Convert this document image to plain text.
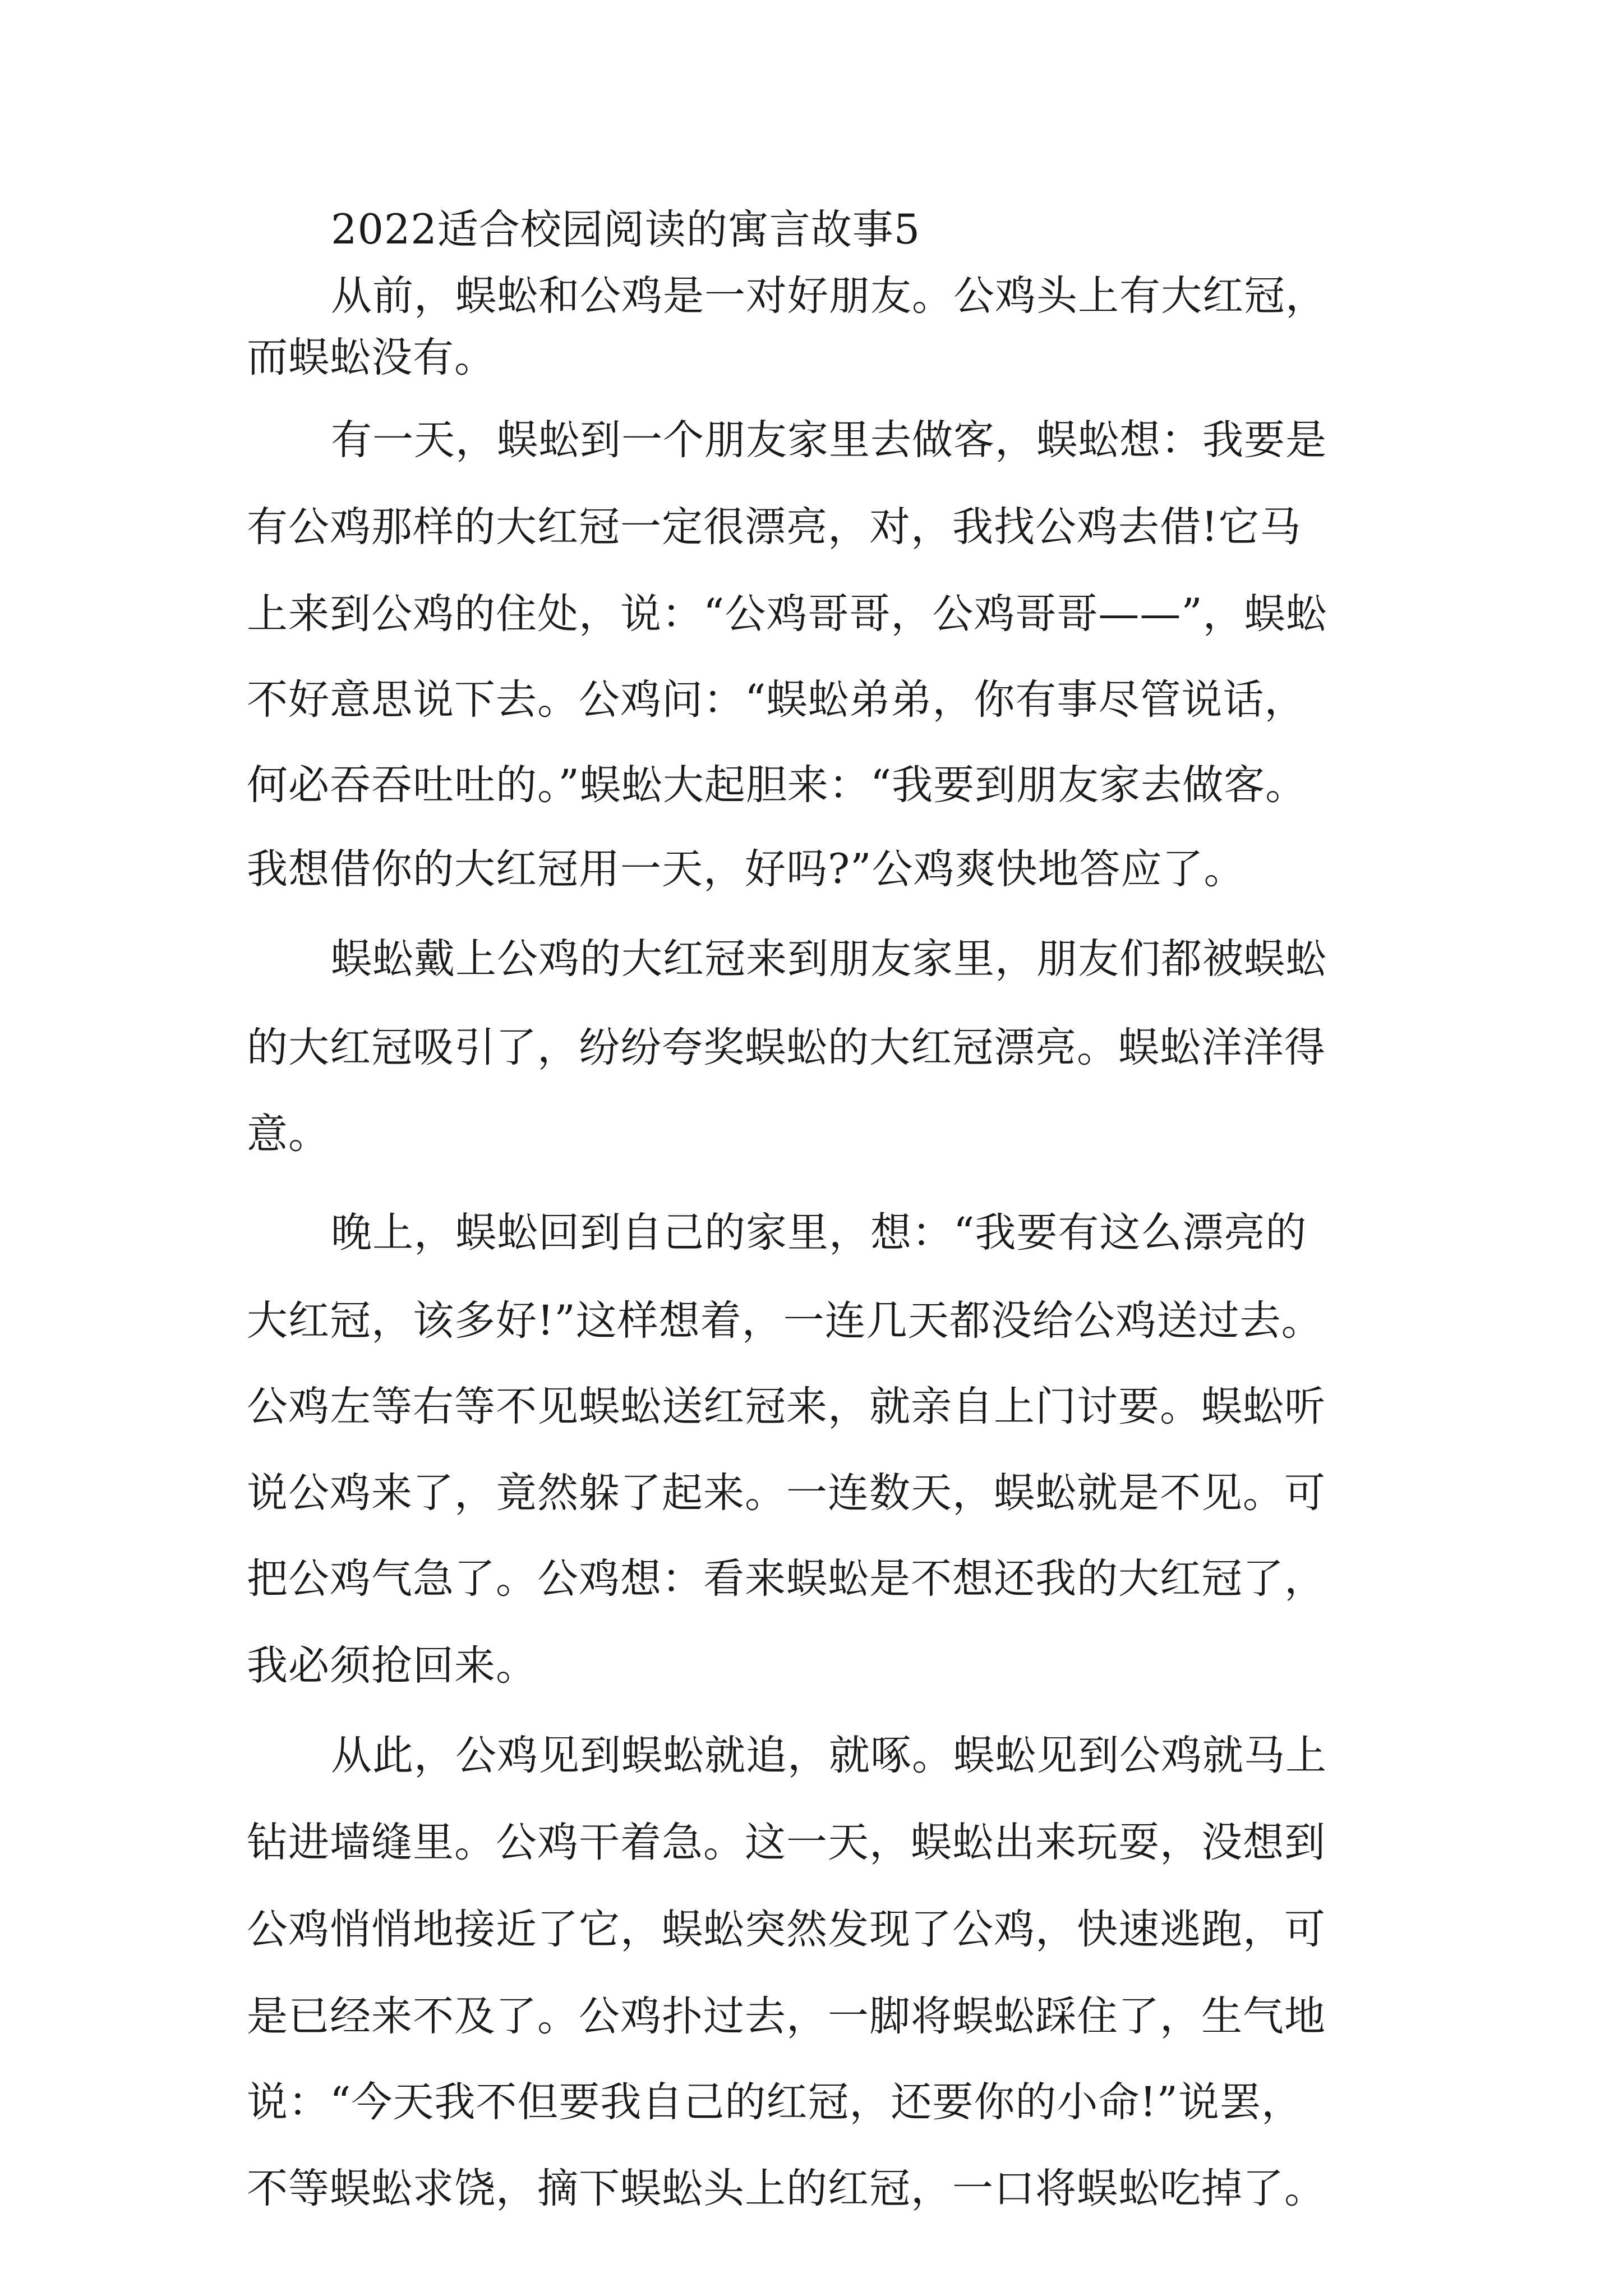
2022适合校园阅读的寓言故事5
从前，蜈蚣和公鸡是一对好朋友。公鸡头上有大红冠，
而蜈蚣没有。
有一天，蜈蚣到一个朋友家里去做客，蜈蚣想：我要是
有公鸡那样的大红冠一定很漂亮，对，我找公鸡去借!它马
上来到公鸡的住处，说：“公鸡哥哥，公鸡哥哥——”，蜈蚣
不好意思说下去。公鸡问：“蜈蚣弟弟，你有事尽管说话，
何必吞吞吐吐的。”蜈蚣大起胆来：“我要到朋友家去做客。
我想借你的大红冠用一天，好吗?”公鸡爽快地答应了。
蜈蚣戴上公鸡的大红冠来到朋友家里，朋友们都被蜈蚣
的大红冠吸引了，纷纷夸奖蜈蚣的大红冠漂亮。蜈蚣洋洋得
意。
晚上，蜈蚣回到自己的家里，想：“我要有这么漂亮的
大红冠，该多好!”这样想着，一连几天都没给公鸡送过去。
公鸡左等右等不见蜈蚣送红冠来，就亲自上门讨要。蜈蚣听
说公鸡来了，竟然躲了起来。一连数天，蜈蚣就是不见。可
把公鸡气急了。公鸡想：看来蜈蚣是不想还我的大红冠了，
我必须抢回来。
从此，公鸡见到蜈蚣就追，就啄。蜈蚣见到公鸡就马上
钻进墙缝里。公鸡干着急。这一天，蜈蚣出来玩耍，没想到
公鸡悄悄地接近了它，蜈蚣突然发现了公鸡，快速逃跑，可
是已经来不及了。公鸡扑过去，一脚将蜈蚣踩住了，生气地
说：“今天我不但要我自己的红冠，还要你的小命!”说罢，
不等蜈蚣求饶，摘下蜈蚣头上的红冠，一口将蜈蚣吃掉了。
